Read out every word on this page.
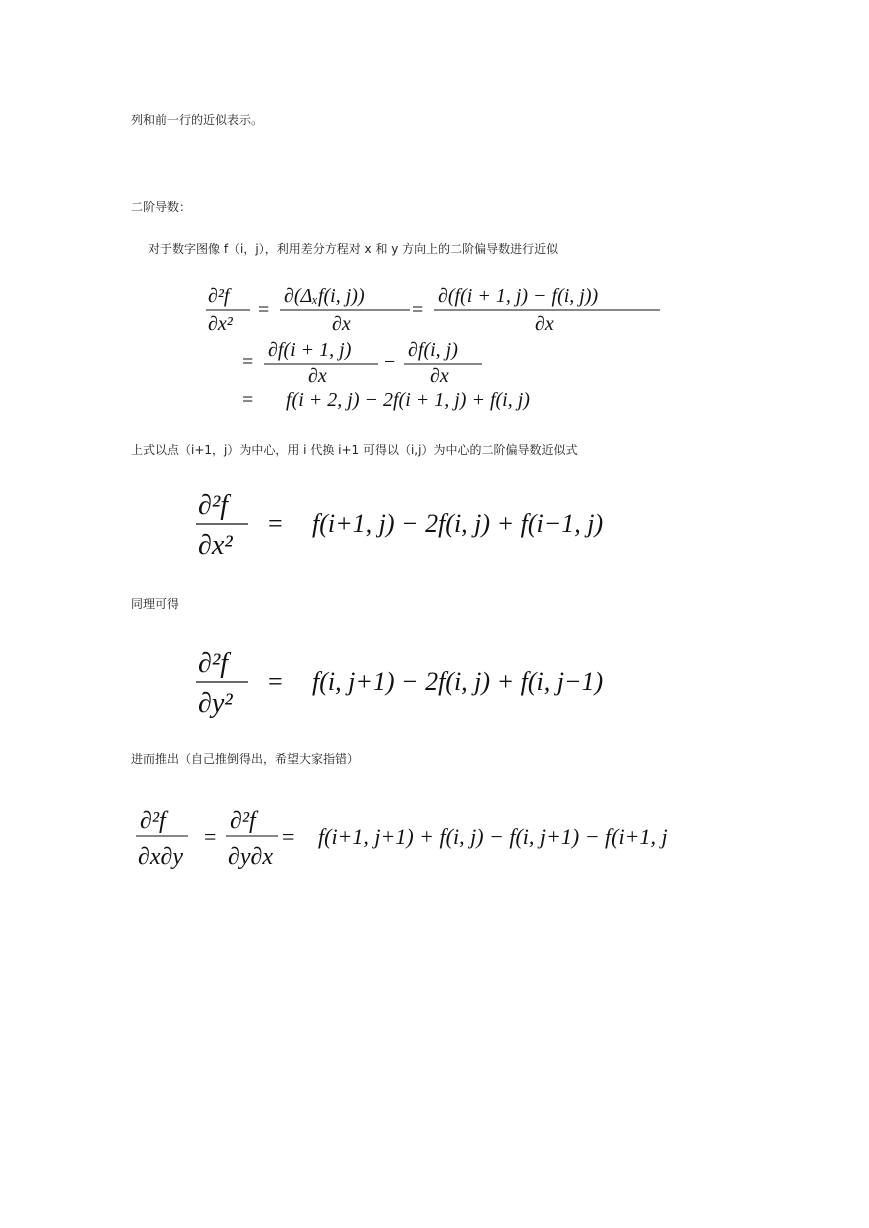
列和前一行的近似表示。
二阶导数：
对于数字图像 f（i，j），利用差分方程对 x 和 y 方向上的二阶偏导数进行近似
∂²f
∂x²
=
∂(Δₓf(i, j))
∂x
=
∂(f(i + 1, j) − f(i, j))
∂x
=
∂f(i + 1, j)
∂x
−
∂f(i, j)
∂x
= f(i + 2, j) − 2f(i + 1, j) + f(i, j)
上式以点（i+1，j）为中心，用 i 代换 i+1 可得以（i,j）为中心的二阶偏导数近似式
∂²f
∂x²
= f(i+1, j) − 2f(i, j) + f(i−1, j)
同理可得
∂²f
∂y²
= f(i, j+1) − 2f(i, j) + f(i, j−1)
进而推出（自己推倒得出，希望大家指错）
∂²f
∂x∂y
=
∂²f
∂y∂x
= f(i+1, j+1) + f(i, j) − f(i, j+1) − f(i+1, j
